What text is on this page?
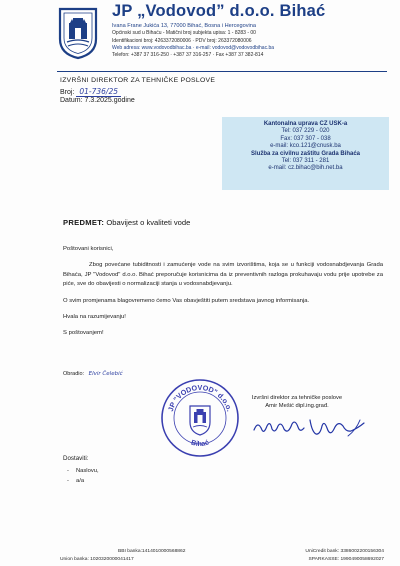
JP „Vodovod” d.o.o. Bihać
Ivana Frane Jukića 13, 77000 Bihać, Bosna i Hercegovina
Općinski sud u Bihaću - Matični broj subjekta upisa: 1 - 8283 - 00
Identifikacioni broj: 4263372080006 · PDV broj: 263372080006
Web adresa: www.vodovodbihac.ba · e-mail: vodovod@vodovodbihac.ba
Telefon: +387 37 316-250 · +387 37 316-257 · Fax +387 37 382-814
IZVRŠNI DIREKTOR ZA TEHNIČKE POSLOVE
Broj: 01-736/25
Datum: 7.3.2025.godine
Kantonalna uprava CZ USK-a
Tel: 037 229 - 020
Fax: 037 307 - 038
e-mail: kco.121@cnusk.ba
Služba za civilnu zaštitu Grada Bihaća
Tel: 037 311 - 281
e-mail: cz.bihac@bih.net.ba
PREDMET: Obavijest o kvaliteti vode

Poštovani korisnici,

Zbog povećane tubiditnosti i zamućenje vode na svim izvorištima, koja se u funkciji vodosnabdjevanja Grada Bihaća, JP "Vodovod" d.o.o. Bihać preporučuje korisnicima da iz preventivnih razloga prokuhavaju vodu prije upotrebe za piće, sve do obavijesti o normalizaciji stanja u vodosnabdjevanju.

O svim promjenama blagovremeno ćemo Vas obavještiti putem sredstava javnog informisanja.

Hvala na razumijevanju!

S poštovanjem!

Obradio: Elvir Čelebić
JP "VODOVOD" d.o.o.
Bihać
Izvršni direktor za tehničke poslove
Amir Mešić dipl.ing.građ.
Dostaviti:
- Naslovu,
- a/a
BBI banka:1414010000568862	UniCredit bank: 3386002200156304
Union banka: 1020320000041417	SPARKASSE: 1990490058692027
